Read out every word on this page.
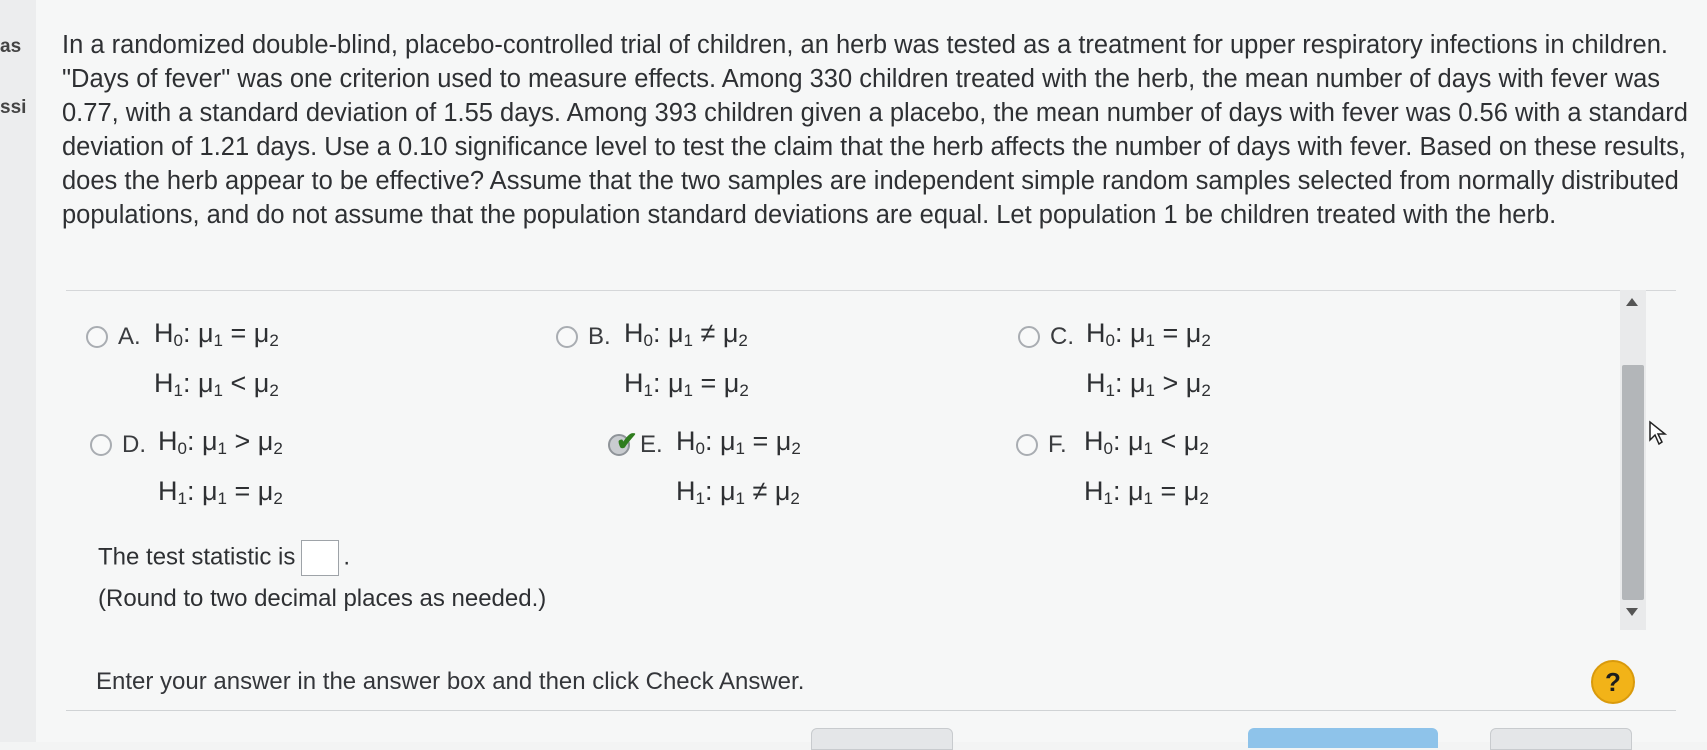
as
ssi
In a randomized double-blind, placebo-controlled trial of children, an herb was tested as a treatment for upper respiratory infections in children. "Days of fever" was one criterion used to measure effects. Among 330 children treated with the herb, the mean number of days with fever was 0.77, with a standard deviation of 1.55 days. Among 393 children given a placebo, the mean number of days with fever was 0.56 with a standard deviation of 1.21 days. Use a 0.10 significance level to test the claim that the herb affects the number of days with fever. Based on these results, does the herb appear to be effective? Assume that the two samples are independent simple random samples selected from normally distributed populations, and do not assume that the population standard deviations are equal. Let population 1 be children treated with the herb.
A. $H_0$: $\mu_1 = \mu_2$
$H_1$: $\mu_1 < \mu_2$
B. $H_0$: $\mu_1 \ne \mu_2$
$H_1$: $\mu_1 = \mu_2$
C. $H_0$: $\mu_1 = \mu_2$
$H_1$: $\mu_1 > \mu_2$
D. $H_0$: $\mu_1 > \mu_2$
$H_1$: $\mu_1 = \mu_2$
✔ E. $H_0$: $\mu_1 = \mu_2$
$H_1$: $\mu_1 \ne \mu_2$
F. $H_0$: $\mu_1 < \mu_2$
$H_1$: $\mu_1 = \mu_2$
The test statistic is .
(Round to two decimal places as needed.)
Enter your answer in the answer box and then click Check Answer.	?
